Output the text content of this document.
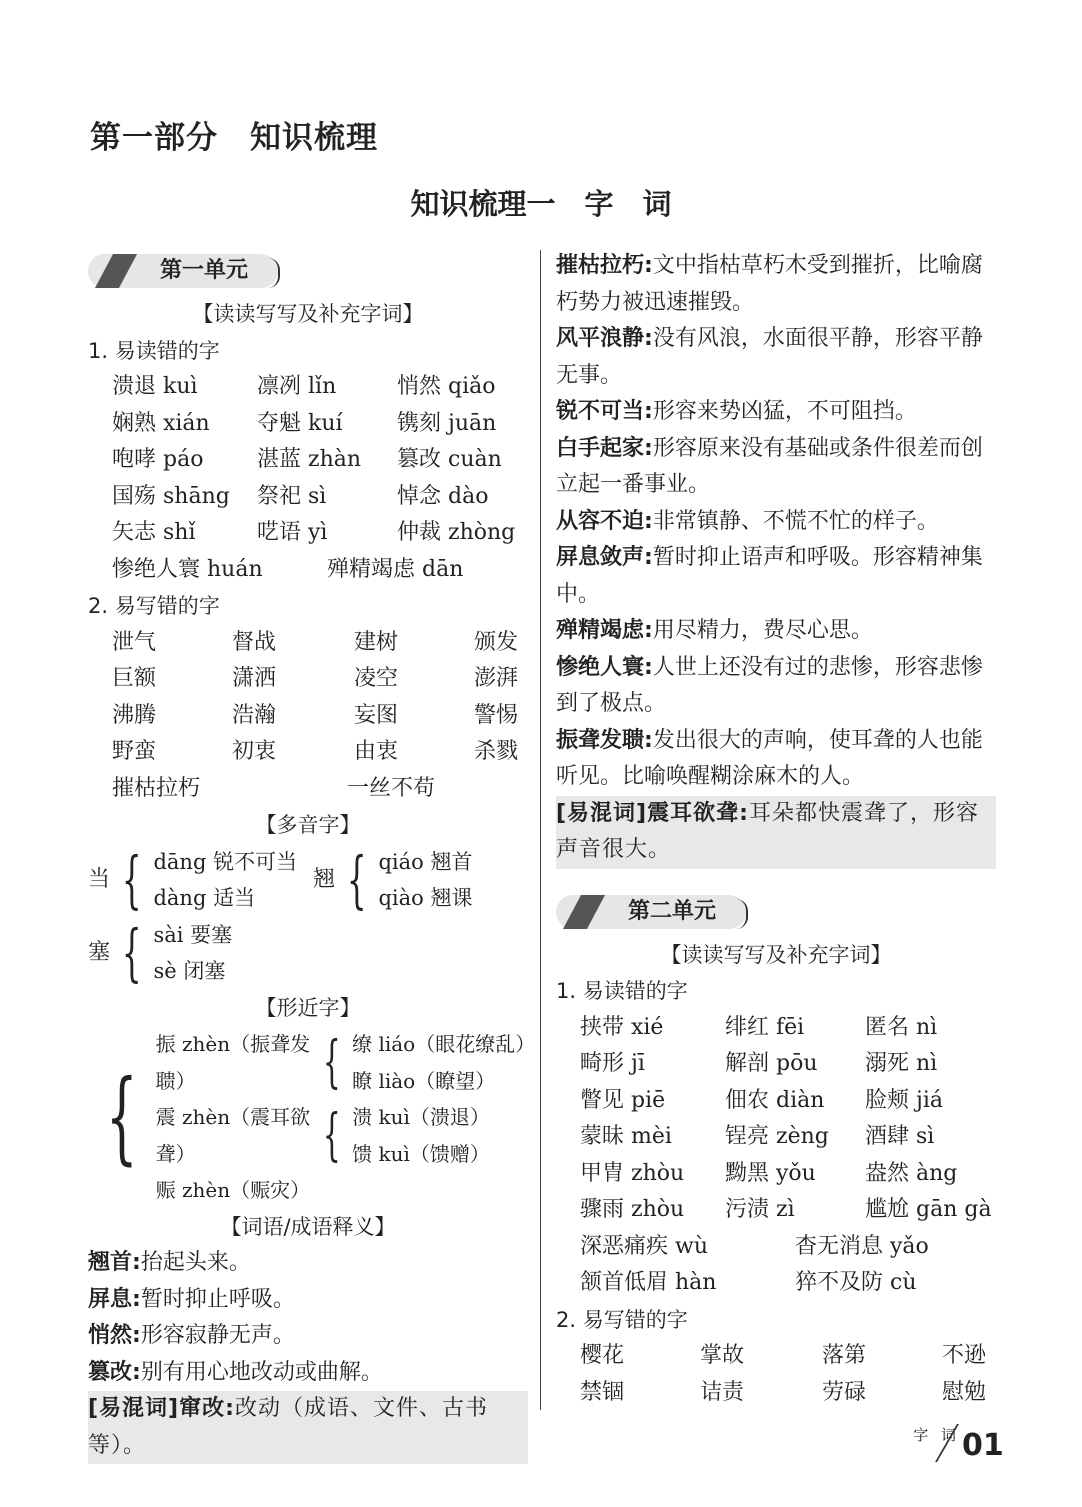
第一部分　知识梳理
知识梳理一　字　词
第一单元
【读读写写及补充字词】
1. 易读错的字
溃退 kuì	凛冽 lǐn	悄然 qiǎo
娴熟 xián	夺魁 kuí	镌刻 juān
咆哮 páo	湛蓝 zhàn	篡改 cuàn
国殇 shāng	祭祀 sì	悼念 dào
矢志 shǐ	呓语 yì	仲裁 zhòng
惨绝人寰 huán	殚精竭虑 dān
2. 易写错的字
泄气	督战	建树	颁发
巨额	潇洒	凌空	澎湃
沸腾	浩瀚	妄图	警惕
野蛮	初衷	由衷	杀戮
摧枯拉朽	一丝不苟
【多音字】
当 { dāng 锐不可当
dàng 适当
翘 { qiáo 翘首
qiào 翘课
塞 { sài 要塞
sè 闭塞
【形近字】
{
振 zhèn（振聋发聩）
震 zhèn（震耳欲聋）
赈 zhèn（赈灾）
{ 缭 liáo（眼花缭乱）
瞭 liào（瞭望）
{ 溃 kuì（溃退）
馈 kuì（馈赠）
【词语/成语释义】
翘首:抬起头来。
屏息:暂时抑止呼吸。
悄然:形容寂静无声。
篡改:别有用心地改动或曲解。
[易混词]窜改:改动（成语、文件、古书等）。
摧枯拉朽:文中指枯草朽木受到摧折，比喻腐朽势力被迅速摧毁。
风平浪静:没有风浪，水面很平静，形容平静无事。
锐不可当:形容来势凶猛，不可阻挡。
白手起家:形容原来没有基础或条件很差而创立起一番事业。
从容不迫:非常镇静、不慌不忙的样子。
屏息敛声:暂时抑止语声和呼吸。形容精神集中。
殚精竭虑:用尽精力，费尽心思。
惨绝人寰:人世上还没有过的悲惨，形容悲惨到了极点。
振聋发聩:发出很大的声响，使耳聋的人也能听见。比喻唤醒糊涂麻木的人。
[易混词]震耳欲聋:耳朵都快震聋了，形容声音很大。
第二单元
【读读写写及补充字词】
1. 易读错的字
挟带 xié	绯红 fēi	匿名 nì
畸形 jī	解剖 pōu	溺死 nì
瞥见 piē	佃农 diàn	脸颊 jiá
蒙昧 mèi	锃亮 zèng	酒肆 sì
甲胄 zhòu	黝黑 yǒu	盎然 àng
骤雨 zhòu	污渍 zì	尴尬 gān gà
深恶痛疾 wù	杳无消息 yǎo
颔首低眉 hàn	猝不及防 cù
2. 易写错的字
樱花	掌故	落第	不逊
禁锢	诘责	劳碌	慰勉
字 词 01
